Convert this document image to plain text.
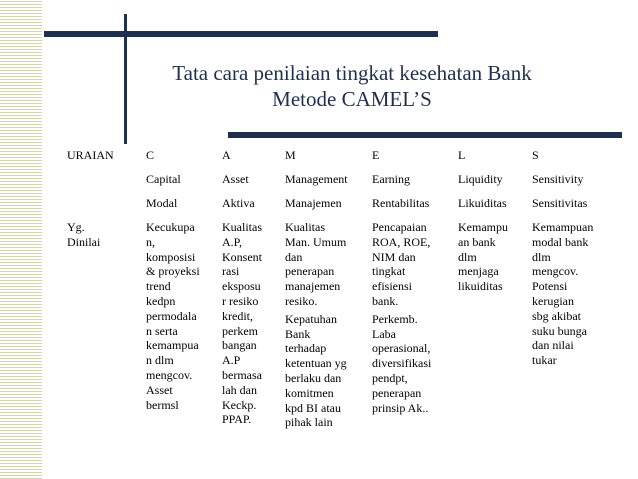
Tata cara penilaian tingkat kesehatan Bank
Metode CAMEL’S
URAIAN

Yg.

Dinilai

C
Capital
Modal

Kecukupa

n,

komposisi

& proyeksi

trend

kedpn

permodala

n serta

kemampua

n dlm

mengcov.

Asset

bermsl

A
Asset
Aktiva

Kualitas

A.P,

Konsent

rasi

eksposu

r resiko

kredit,

perkem

bangan

A.P

bermasa

lah dan

Keckp.

PPAP.

M
Management
Manajemen

Kualitas

Man. Umum

dan

penerapan

manajemen

resiko.

Kepatuhan

Bank

terhadap

ketentuan yg

berlaku dan

komitmen

kpd BI atau

pihak lain

E
Earning
Rentabilitas

Pencapaian

ROA, ROE,

NIM dan

tingkat

efisiensi

bank.

Perkemb.

Laba

operasional,

diversifikasi

pendpt,

penerapan

prinsip Ak..

L
Liquidity
Likuiditas

Kemampu

an bank

dlm

menjaga

likuiditas

S
Sensitivity
Sensitivitas

Kemampuan

modal bank

dlm

mengcov.

Potensi

kerugian

sbg akibat

suku bunga

dan nilai

tukar
